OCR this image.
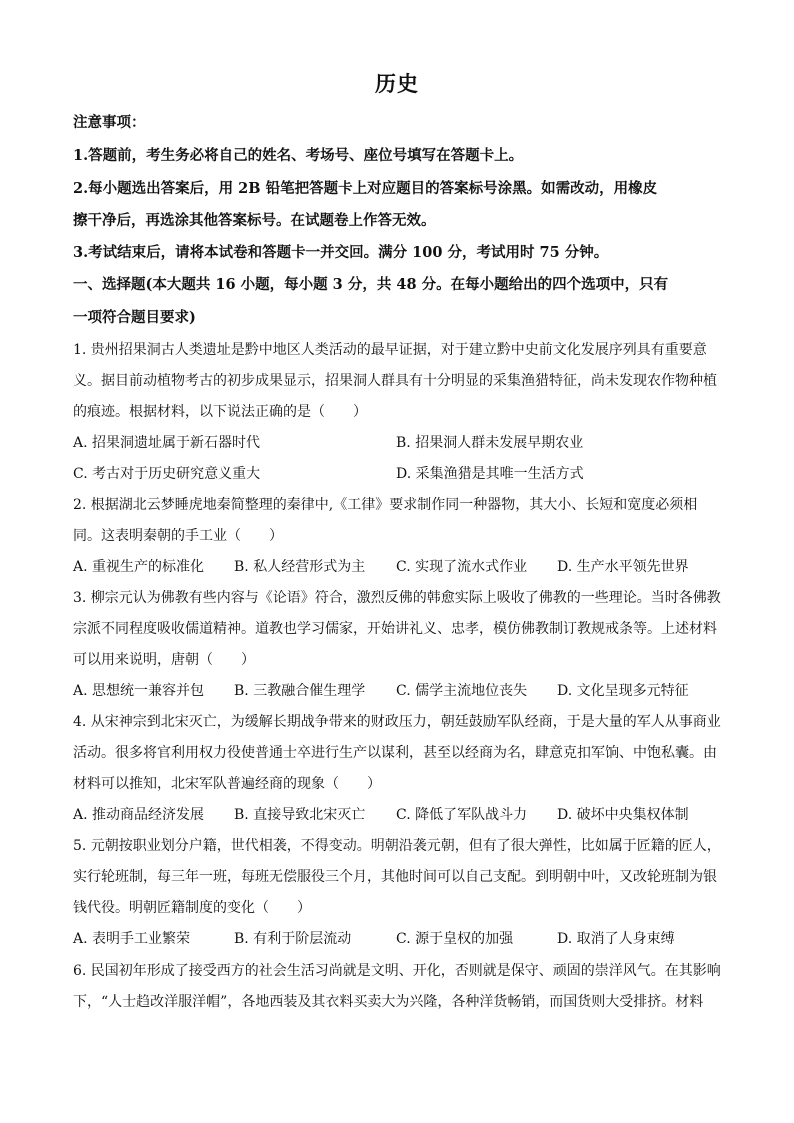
历史
注意事项：
1.答题前，考生务必将自己的姓名、考场号、座位号填写在答题卡上。
2.每小题选出答案后，用 2B 铅笔把答题卡上对应题目的答案标号涂黑。如需改动，用橡皮
擦干净后，再选涂其他答案标号。在试题卷上作答无效。
3.考试结束后，请将本试卷和答题卡一并交回。满分 100 分，考试用时 75 分钟。
一、选择题(本大题共 16 小题，每小题 3 分，共 48 分。在每小题给出的四个选项中，只有
一项符合题目要求)
1. 贵州招果洞古人类遗址是黔中地区人类活动的最早证据，对于建立黔中史前文化发展序列具有重要意
义。据目前动植物考古的初步成果显示，招果洞人群具有十分明显的采集渔猎特征，尚未发现农作物种植
的痕迹。根据材料，以下说法正确的是（　　）
A. 招果洞遗址属于新石器时代	B. 招果洞人群未发展早期农业
C. 考古对于历史研究意义重大	D. 采集渔猎是其唯一生活方式
2. 根据湖北云梦睡虎地秦简整理的秦律中,《工律》要求制作同一种器物，其大小、长短和宽度必须相
同。这表明秦朝的手工业（　　）
A. 重视生产的标准化 B. 私人经营形式为主 C. 实现了流水式作业 D. 生产水平领先世界
3. 柳宗元认为佛教有些内容与《论语》符合，激烈反佛的韩愈实际上吸收了佛教的一些理论。当时各佛教
宗派不同程度吸收儒道精神。道教也学习儒家，开始讲礼义、忠孝，模仿佛教制订教规戒条等。上述材料
可以用来说明，唐朝（　　）
A. 思想统一兼容并包 B. 三教融合催生理学 C. 儒学主流地位丧失 D. 文化呈现多元特征
4. 从宋神宗到北宋灭亡，为缓解长期战争带来的财政压力，朝廷鼓励军队经商，于是大量的军人从事商业
活动。很多将官利用权力役使普通士卒进行生产以谋利，甚至以经商为名，肆意克扣军饷、中饱私囊。由
材料可以推知，北宋军队普遍经商的现象（　　）
A. 推动商品经济发展 B. 直接导致北宋灭亡 C. 降低了军队战斗力 D. 破坏中央集权体制
5. 元朝按职业划分户籍，世代相袭，不得变动。明朝沿袭元朝，但有了很大弹性，比如属于匠籍的匠人，
实行轮班制，每三年一班，每班无偿服役三个月，其他时间可以自己支配。到明朝中叶，又改轮班制为银
钱代役。明朝匠籍制度的变化（　　）
A. 表明手工业繁荣	B. 有利于阶层流动	C. 源于皇权的加强	D. 取消了人身束缚
6. 民国初年形成了接受西方的社会生活习尚就是文明、开化，否则就是保守、顽固的崇洋风气。在其影响
下，“人士趋改洋服洋帽”，各地西装及其衣料买卖大为兴隆，各种洋货畅销，而国货则大受排挤。材料
